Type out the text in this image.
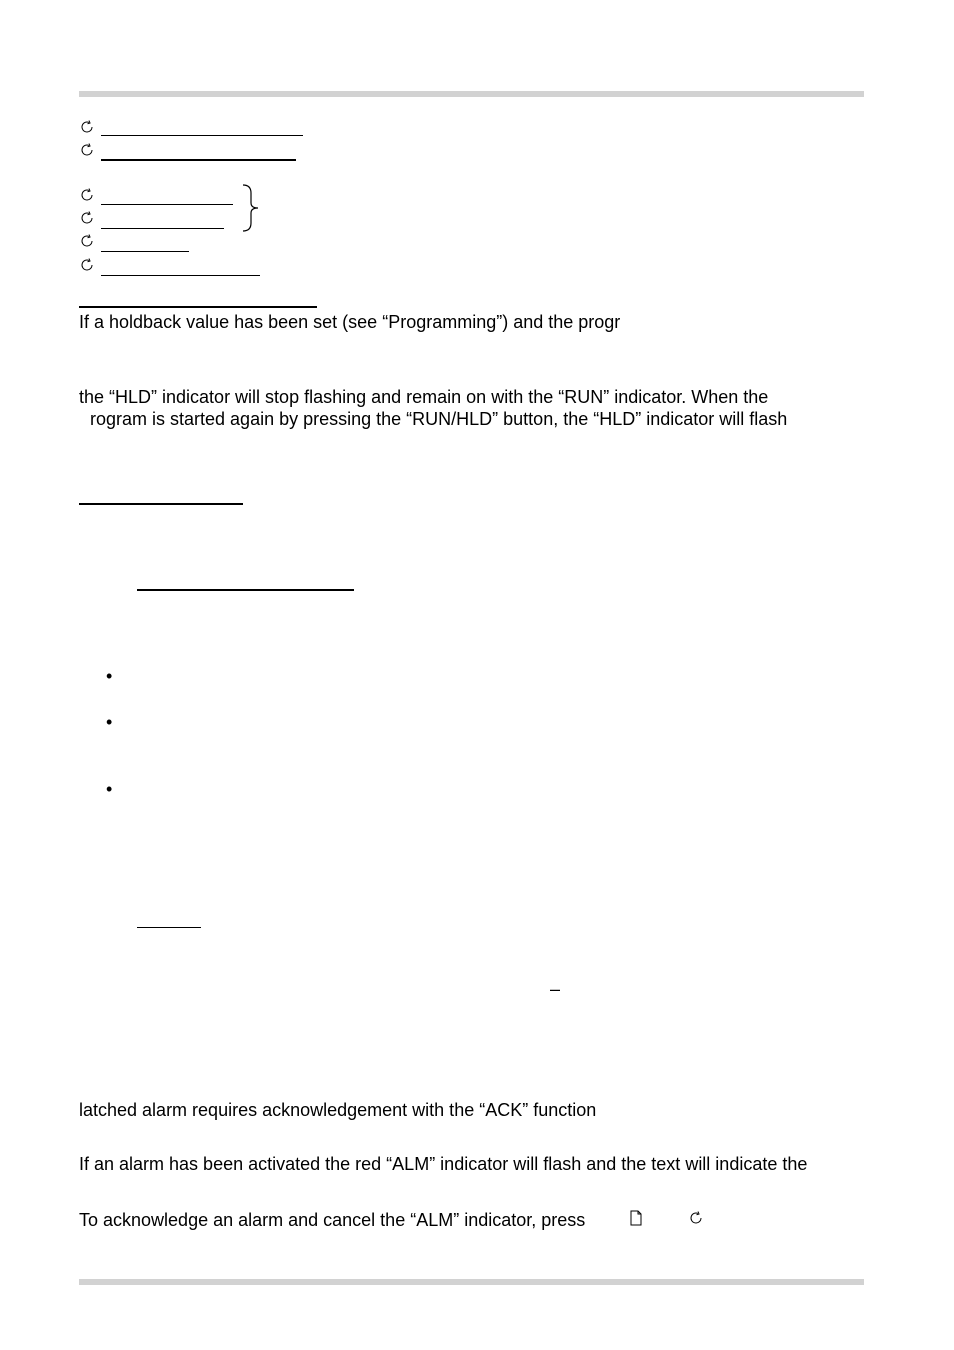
If a holdback value has been set (see “Programming”) and the progr
the “HLD” indicator will stop flashing and remain on with the “RUN” indicator. When the
rogram is started again by pressing the “RUN/HLD” button, the “HLD” indicator will flash
•
•
•
–
latched alarm requires acknowledgement with the “ACK” function
If an alarm has been activated the red “ALM” indicator will flash and the text will indicate the
To acknowledge an alarm and cancel the “ALM” indicator, press
